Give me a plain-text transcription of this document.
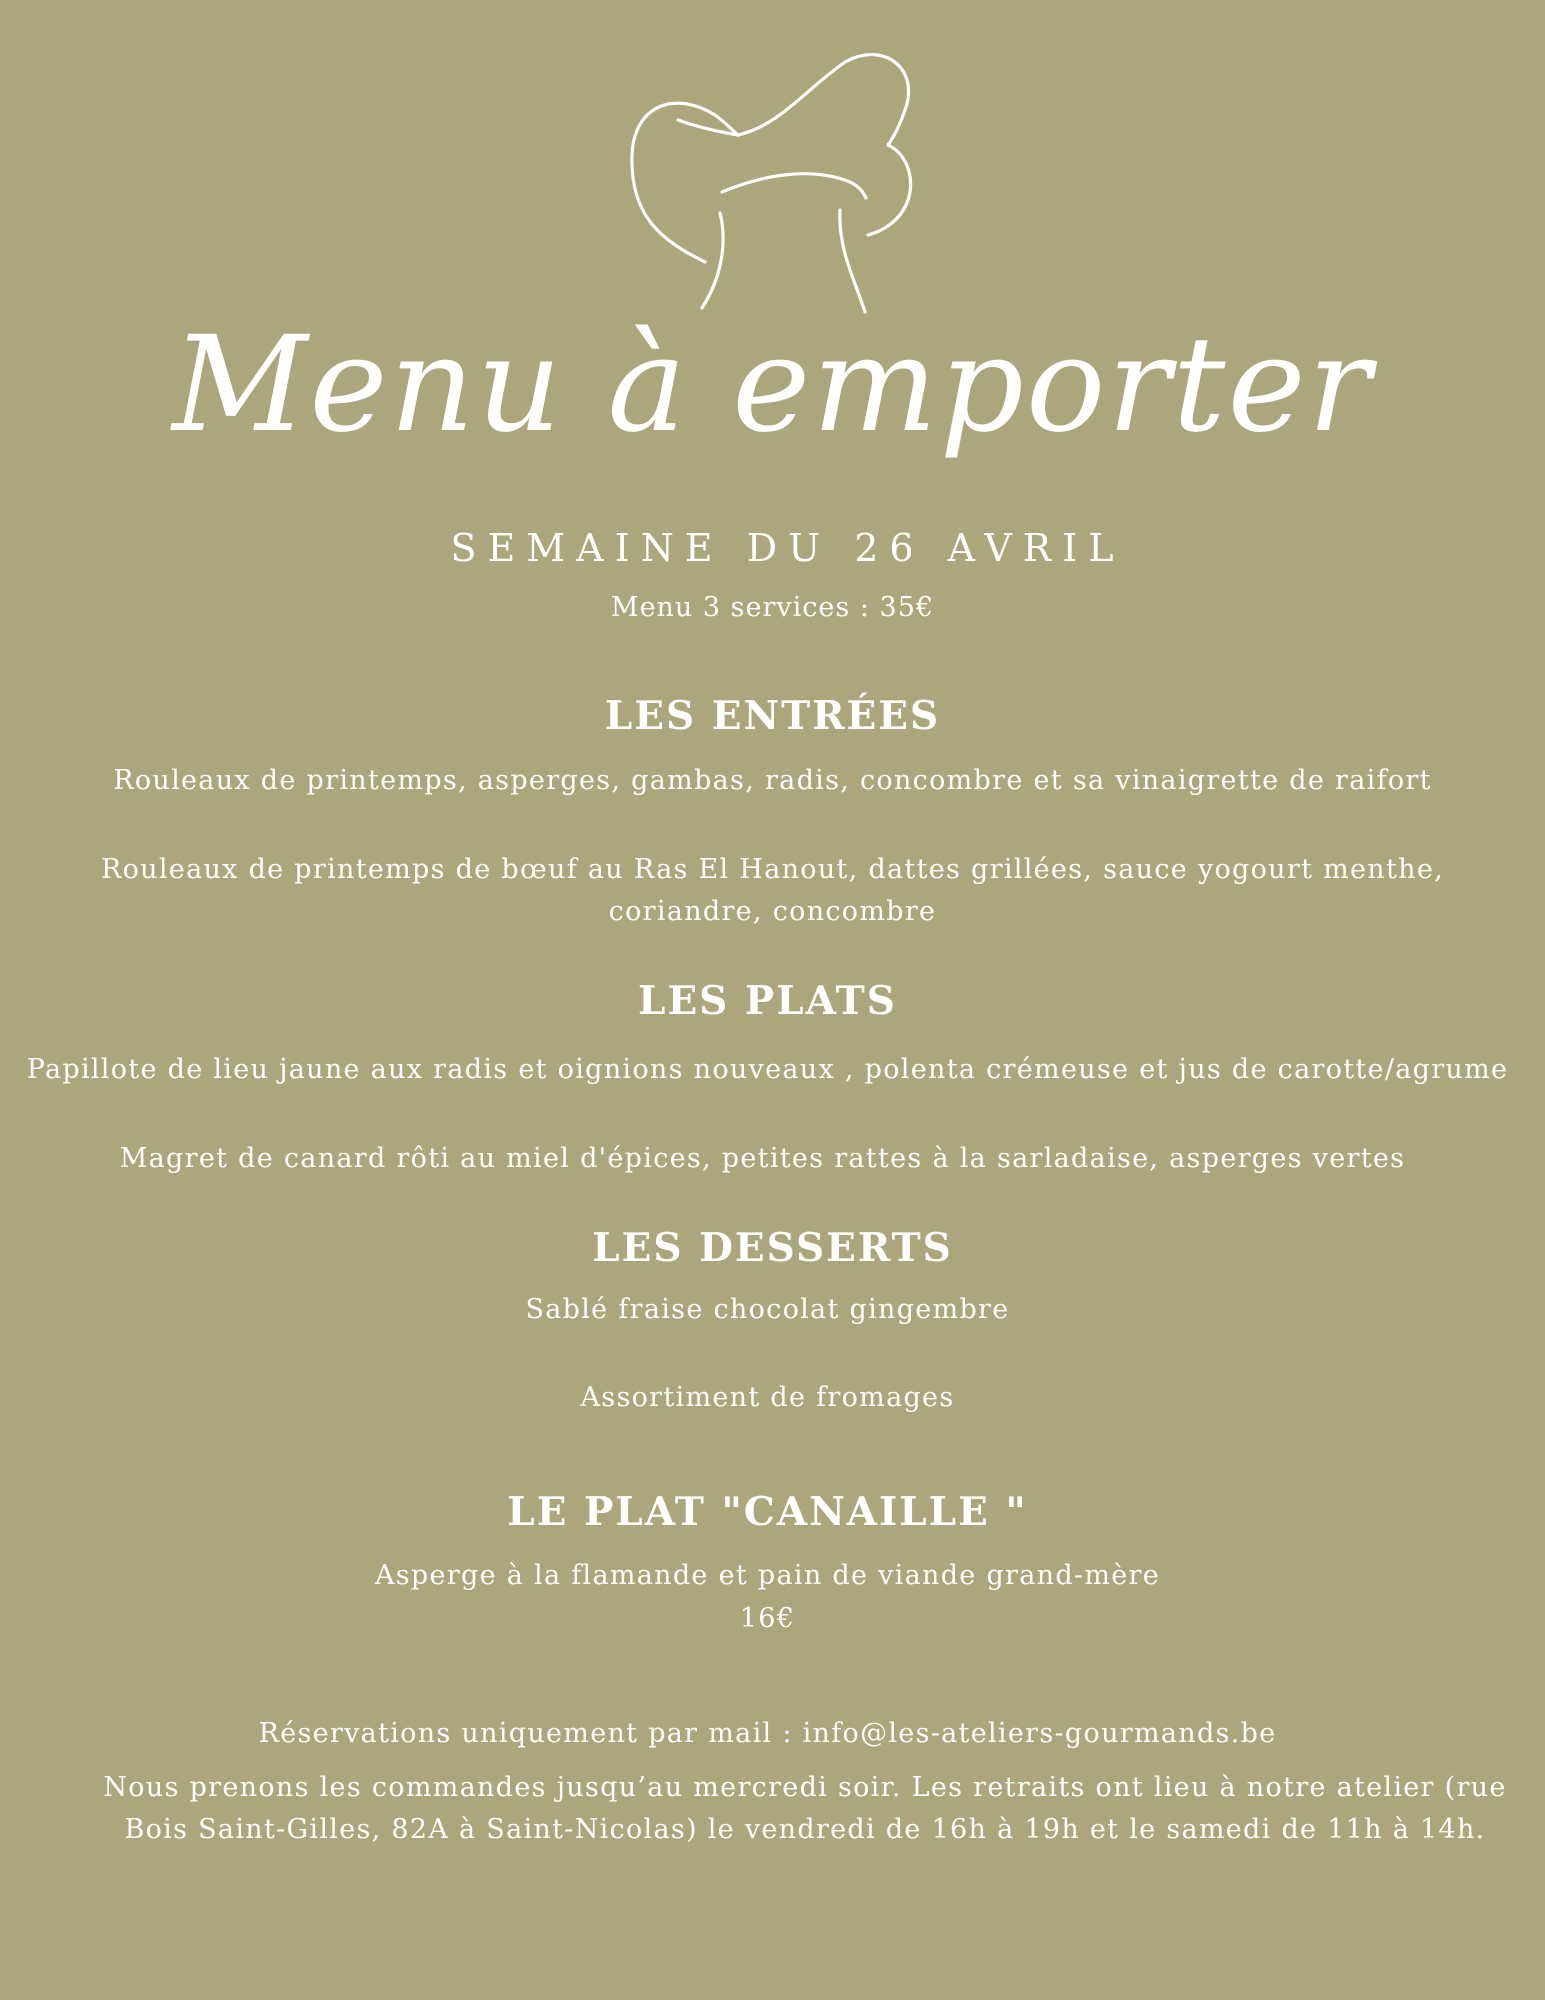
Menu à emporter
SEMAINE DU 26 AVRIL
Menu 3 services : 35€
LES ENTRÉES
Rouleaux de printemps, asperges, gambas, radis, concombre et sa vinaigrette de raifort
Rouleaux de printemps de bœuf au Ras El Hanout, dattes grillées, sauce yogourt menthe, coriandre, concombre
LES PLATS
Papillote de lieu jaune aux radis et oignions nouveaux , polenta crémeuse et jus de carotte/agrume
Magret de canard rôti au miel d'épices, petites rattes à la sarladaise, asperges vertes
LES DESSERTS
Sablé fraise chocolat gingembre
Assortiment de fromages
LE PLAT "CANAILLE "
Asperge à la flamande et pain de viande grand-mère
16€
Réservations uniquement par mail : info@les-ateliers-gourmands.be
Nous prenons les commandes jusqu’au mercredi soir. Les retraits ont lieu à notre atelier (rue Bois Saint-Gilles, 82A à Saint-Nicolas) le vendredi de 16h à 19h et le samedi de 11h à 14h.
